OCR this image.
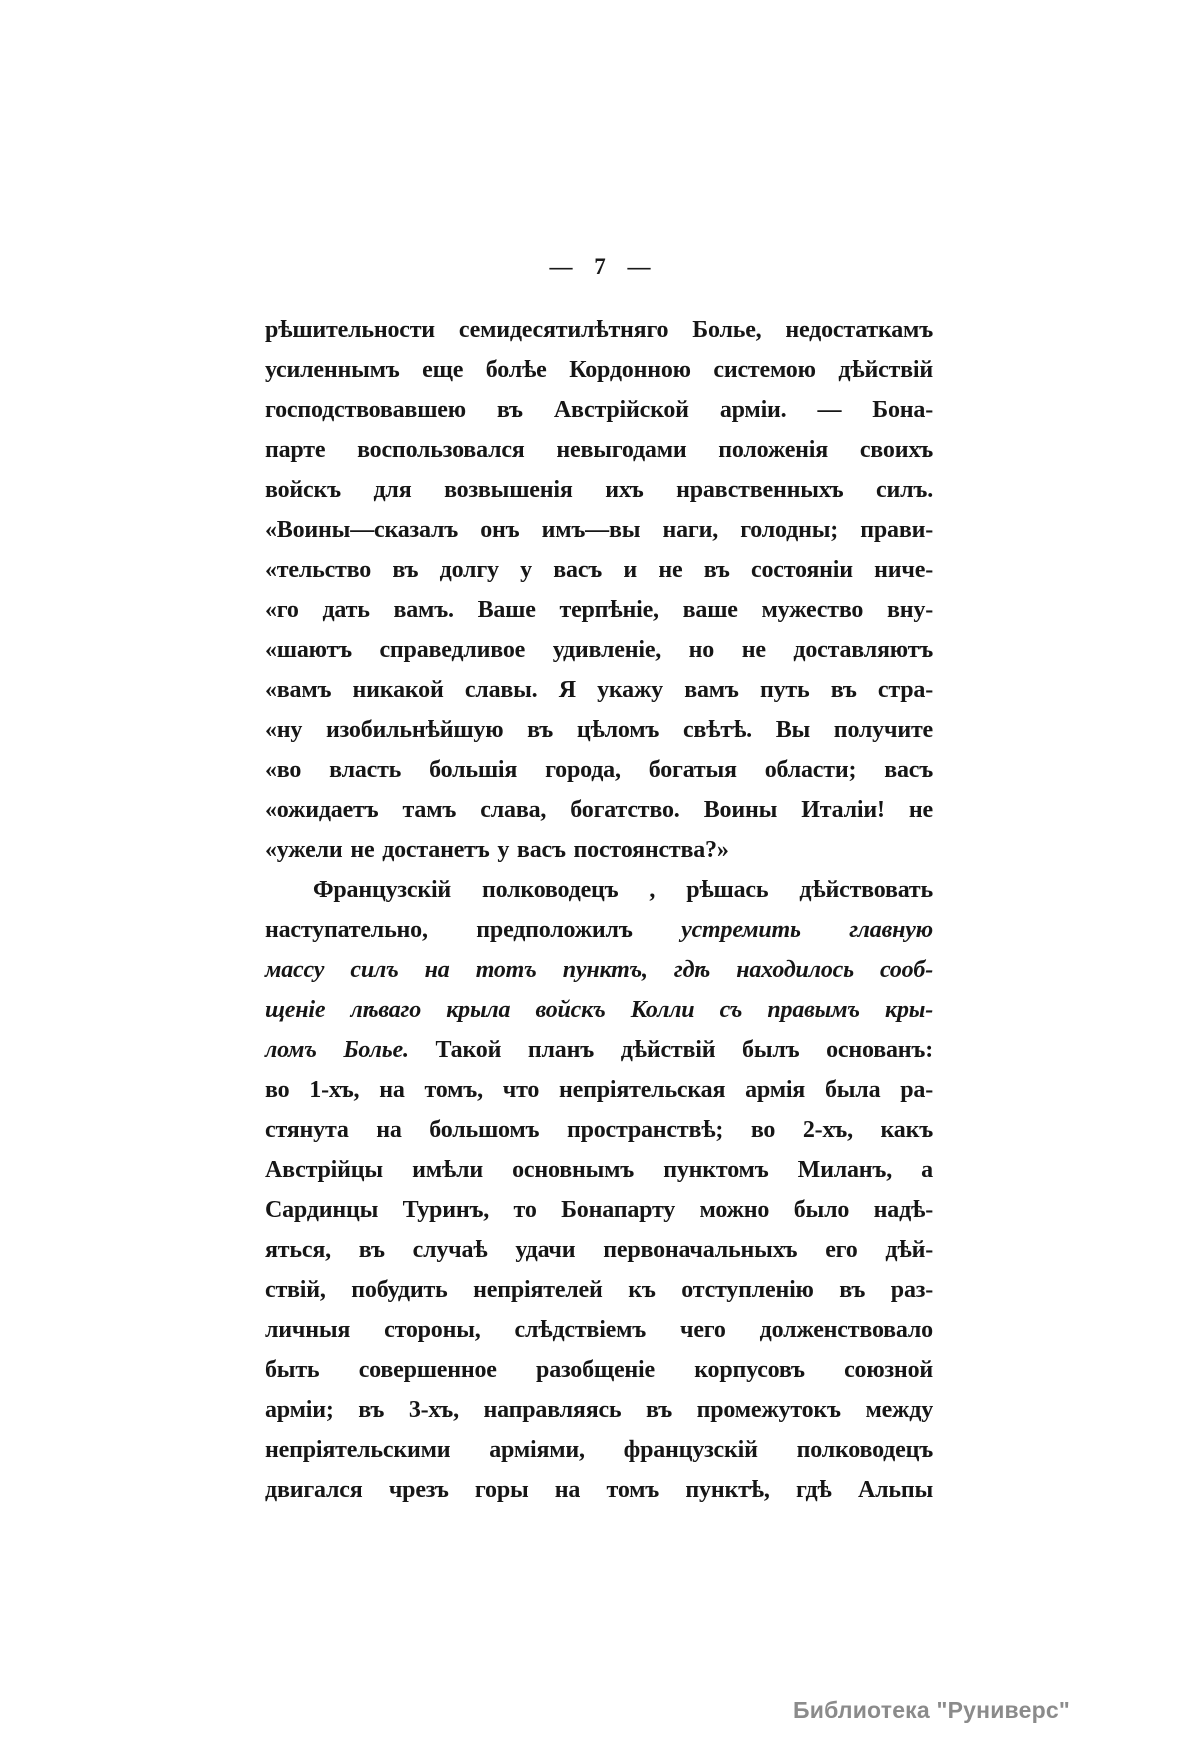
— 7 —
рѣшительности семидесятилѣтняго Болье, недостаткамъ
усиленнымъ еще болѣе Кордонною системою дѣйствій
господствовавшею въ Австрійской арміи. — Бона-
парте воспользовался невыгодами положенія своихъ
войскъ для возвышенія ихъ нравственныхъ силъ.
«Воины—сказалъ онъ имъ—вы наги, голодны; прави-
«тельство въ долгу у васъ и не въ состояніи ниче-
«го дать вамъ. Ваше терпѣніе, ваше мужество вну-
«шаютъ справедливое удивленіе, но не доставляютъ
«вамъ никакой славы. Я укажу вамъ путь въ стра-
«ну изобильнѣйшую въ цѣломъ свѣтѣ. Вы получите
«во власть большія города, богатыя области; васъ
«ожидаетъ тамъ слава, богатство. Воины Италіи! не
«ужели не достанетъ у васъ постоянства?»
Французскій полководецъ , рѣшась дѣйствовать
наступательно, предположилъ устремить главную
массу силъ на тотъ пунктъ, гдѣ находилось сооб-
щеніе лѣваго крыла войскъ Колли съ правымъ кры-
ломъ Болье. Такой планъ дѣйствій былъ основанъ:
во 1-хъ, на томъ, что непріятельская армія была ра-
стянута на большомъ пространствѣ; во 2-хъ, какъ
Австрійцы имѣли основнымъ пунктомъ Миланъ, а
Сардинцы Туринъ, то Бонапарту можно было надѣ-
яться, въ случаѣ удачи первоначальныхъ его дѣй-
ствій, побудить непріятелей къ отступленію въ раз-
личныя стороны, слѣдствіемъ чего долженствовало
быть совершенное разобщеніе корпусовъ союзной
арміи; въ 3-хъ, направляясь въ промежутокъ между
непріятельскими арміями, французскій полководецъ
двигался чрезъ горы на томъ пунктѣ, гдѣ Альпы
Библиотека "Руниверс"
